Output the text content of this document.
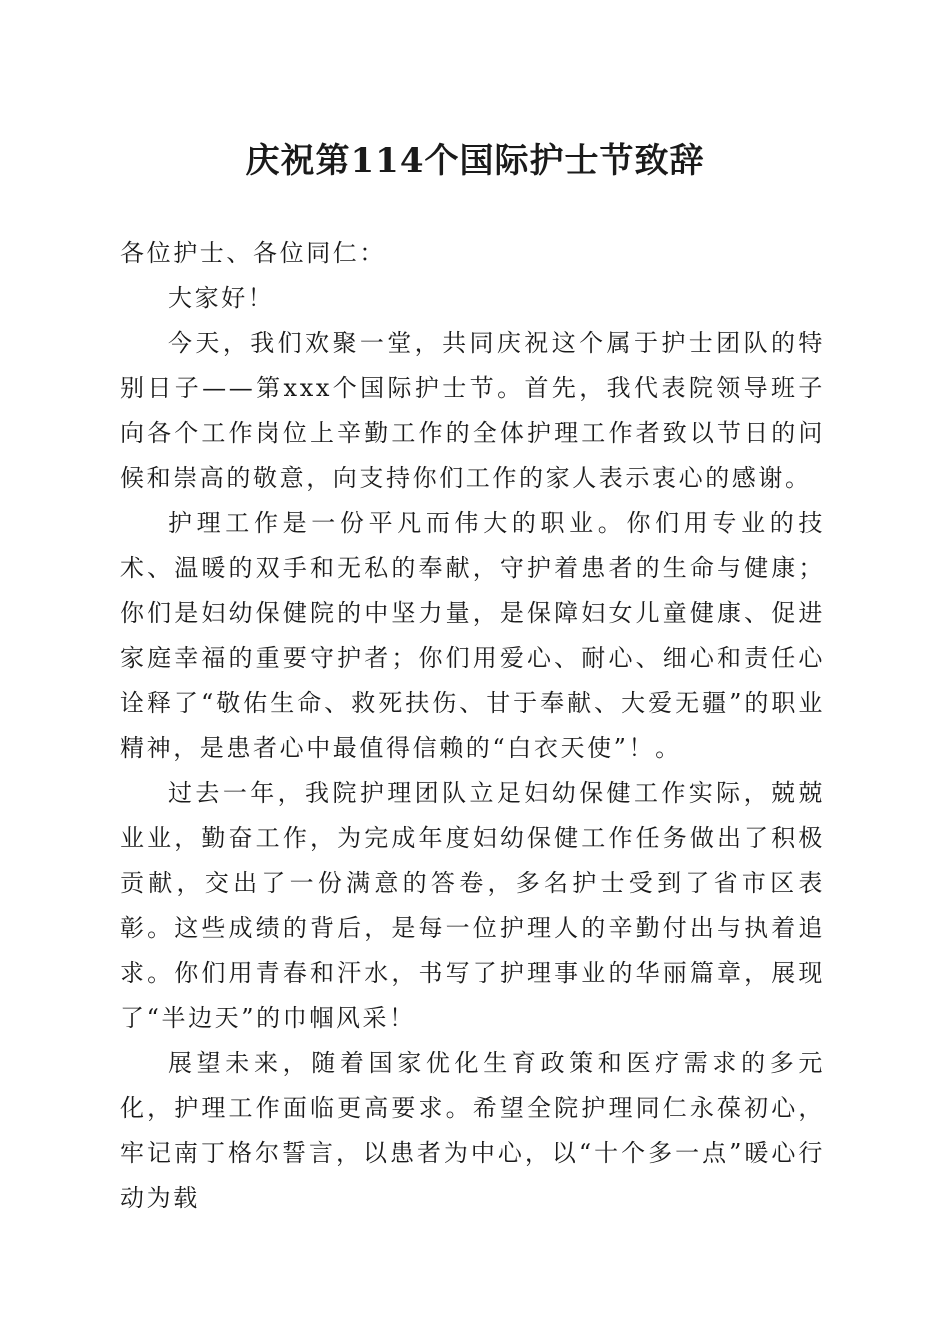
庆祝第114个国际护士节致辞

各位护士、各位同仁：

大家好！

今天，我们欢聚一堂，共同庆祝这个属于护士团队的特别日子——第xxx个国际护士节。首先，我代表院领导班子向各个工作岗位上辛勤工作的全体护理工作者致以节日的问候和崇高的敬意，向支持你们工作的家人表示衷心的感谢。

护理工作是一份平凡而伟大的职业。你们用专业的技术、温暖的双手和无私的奉献，守护着患者的生命与健康；你们是妇幼保健院的中坚力量，是保障妇女儿童健康、促进家庭幸福的重要守护者；你们用爱心、耐心、细心和责任心诠释了“敬佑生命、救死扶伤、甘于奉献、大爱无疆”的职业精神，是患者心中最值得信赖的“白衣天使”！。

过去一年，我院护理团队立足妇幼保健工作实际，兢兢业业，勤奋工作，为完成年度妇幼保健工作任务做出了积极贡献，交出了一份满意的答卷，多名护士受到了省市区表彰。这些成绩的背后，是每一位护理人的辛勤付出与执着追求。你们用青春和汗水，书写了护理事业的华丽篇章，展现了“半边天”的巾帼风采！

展望未来，随着国家优化生育政策和医疗需求的多元化，护理工作面临更高要求。希望全院护理同仁永葆初心，牢记南丁格尔誓言，以患者为中心，以“十个多一点”暖心行动为载
